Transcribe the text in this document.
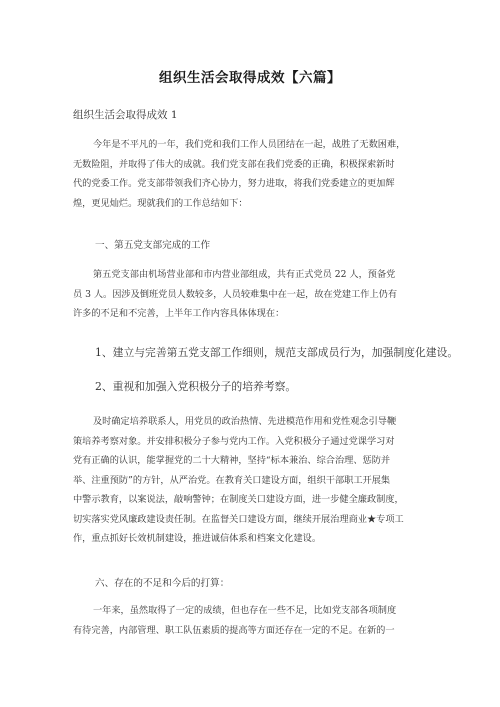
组织生活会取得成效【六篇】
组织生活会取得成效 1
今年是不平凡的一年，我们党和我们工作人员团结在一起，战胜了无数困难，
无数险阻，并取得了伟大的成就。我们党支部在我们党委的正确，积极探索新时
代的党委工作。党支部带领我们齐心协力，努力进取，将我们党委建立的更加辉
煌，更见灿烂。现就我们的工作总结如下：
一、第五党支部完成的工作
第五党支部由机场营业部和市内营业部组成，共有正式党员 22 人，预备党
员 3 人。因涉及倒班党员人数较多，人员较难集中在一起，故在党建工作上仍有
许多的不足和不完善，上半年工作内容具体体现在：
1、建立与完善第五党支部工作细则，规范支部成员行为，加强制度化建设。
2、重视和加强入党积极分子的培养考察。
及时确定培养联系人，用党员的政治热情、先进模范作用和党性观念引导鞭
策培养考察对象。并安排积极分子参与党内工作。入党积极分子通过党课学习对
党有正确的认识，能掌握党的二十大精神，坚持“标本兼治、综合治理、惩防并
举、注重预防”的方针，从严治党。在教育关口建设方面，组织干部职工开展集
中警示教育，以案说法，敲响警钟；在制度关口建设方面，进一步健全廉政制度，
切实落实党风廉政建设责任制。在监督关口建设方面，继续开展治理商业★专项工
作，重点抓好长效机制建设，推进诚信体系和档案文化建设。
六、存在的不足和今后的打算：
一年来，虽然取得了一定的成绩，但也存在一些不足，比如党支部各项制度
有待完善，内部管理、职工队伍素质的提高等方面还存在一定的不足。在新的一
